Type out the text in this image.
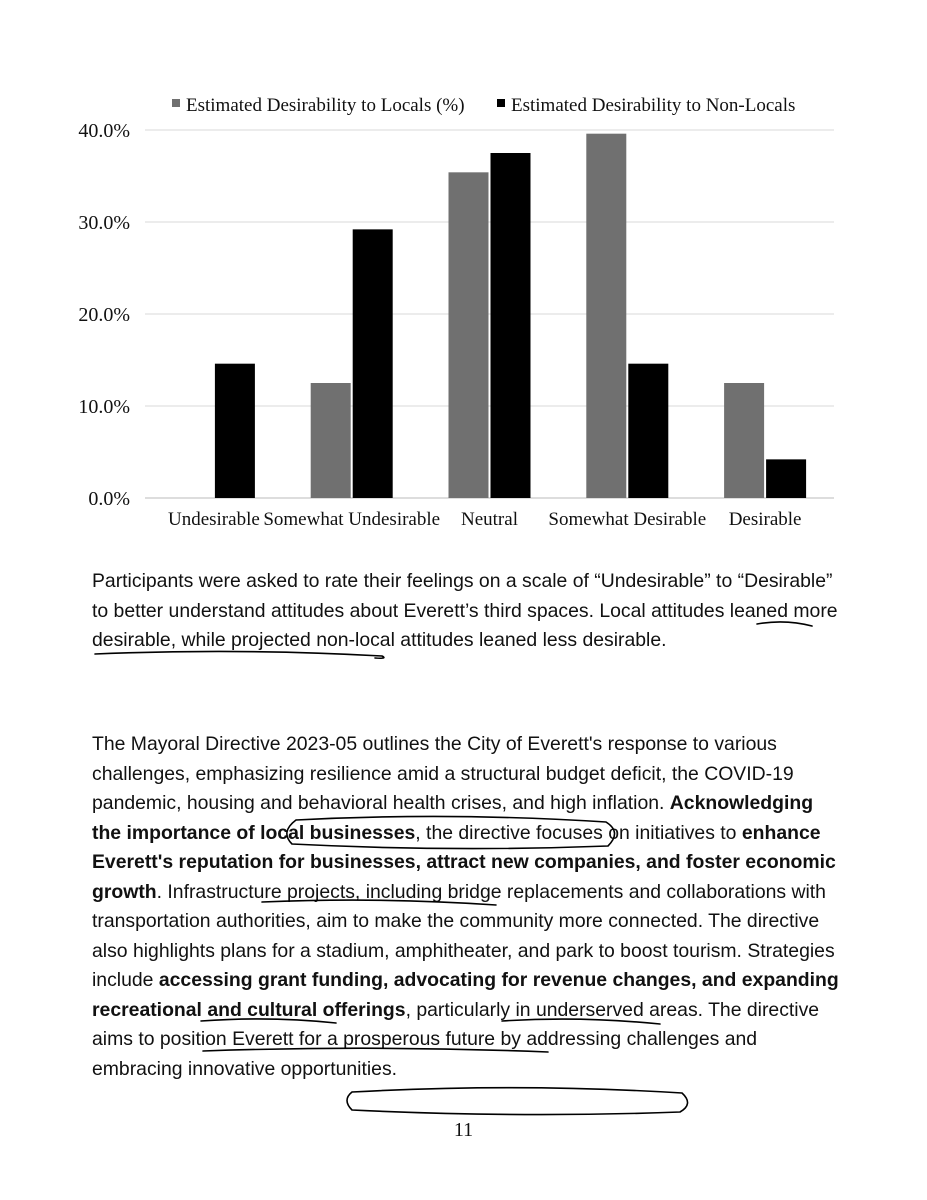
Estimated Desirability to Locals (%) Estimated Desirability to Non-Locals
0.0%
10.0%
20.0%
30.0%
40.0%
Undesirable Somewhat Undesirable Neutral Somewhat Desirable Desirable
Participants were asked to rate their feelings on a scale of “Undesirable” to “Desirable” to better understand attitudes about Everett’s third spaces. Local attitudes leaned more desirable, while projected non-local attitudes leaned less desirable.
The Mayoral Directive 2023-05 outlines the City of Everett's response to various challenges, emphasizing resilience amid a structural budget deficit, the COVID-19 pandemic, housing and behavioral health crises, and high inflation. Acknowledging the importance of local businesses, the directive focuses on initiatives to enhance Everett's reputation for businesses, attract new companies, and foster economic growth. Infrastructure projects, including bridge replacements and collaborations with transportation authorities, aim to make the community more connected. The directive also highlights plans for a stadium, amphitheater, and park to boost tourism. Strategies include accessing grant funding, advocating for revenue changes, and expanding recreational and cultural offerings, particularly in underserved areas. The directive aims to position Everett for a prosperous future by addressing challenges and embracing innovative opportunities.
11
